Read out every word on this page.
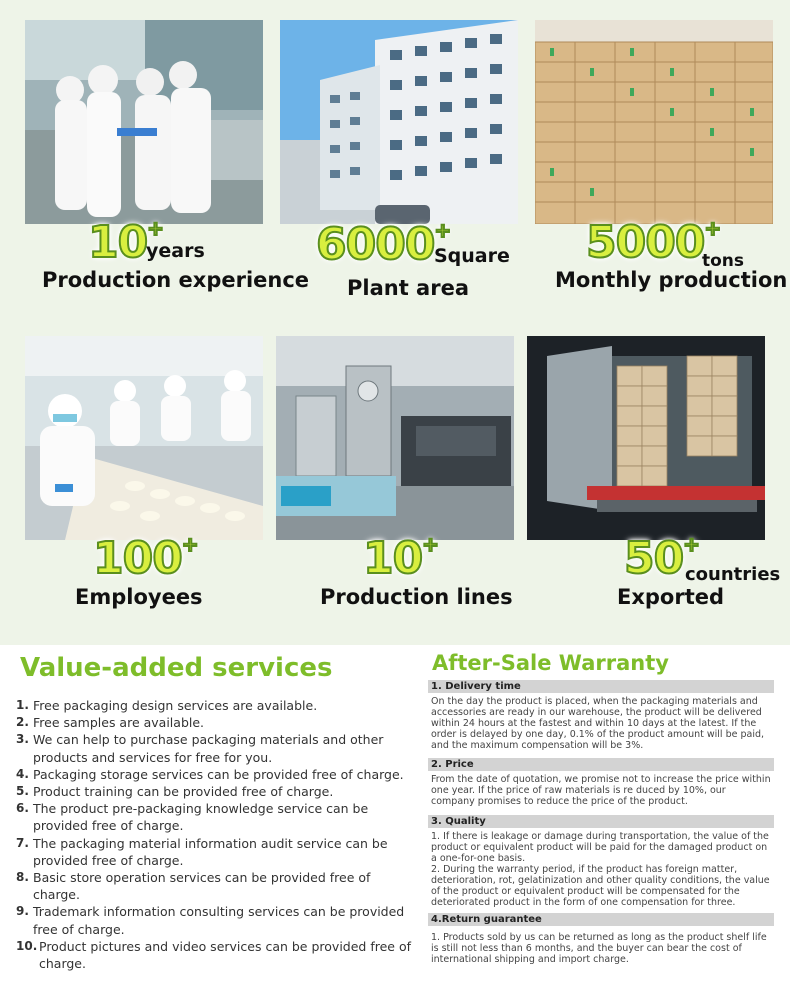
10+
years
Production experience
6000+
Square
Plant area
5000+
tons
Monthly production
100+
Employees
10+
Production lines
50+
countries
Exported
Value-added services
1. Free packaging design services are available.
2. Free samples are available.
3. We can help to purchase packaging materials and other products and services for free for you.
4. Packaging storage services can be provided free of charge.
5. Product training can be provided free of charge.
6. The product pre-packaging knowledge service can be provided free of charge.
7. The packaging material information audit service can be provided free of charge.
8. Basic store operation services can be provided free of charge.
9. Trademark information consulting services can be provided free of charge.
10. Product pictures and video services can be provided free of charge.
After-Sale Warranty
1. Delivery time
On the day the product is placed, when the packaging materials and accessories are ready in our warehouse, the product will be delivered within 24 hours at the fastest and within 10 days at the latest. If the order is delayed by one day, 0.1% of the product amount will be paid, and the maximum compensation will be 3%.
2. Price
From the date of quotation, we promise not to increase the price within one year. If the price of raw materials is re duced by 10%, our company promises to reduce the price of the product.
3. Quality
1. If there is leakage or damage during transportation, the value of the product or equivalent product will be paid for the damaged product on a one-for-one basis.
2. During the warranty period, if the product has foreign matter, deterioration, rot, gelatinization and other quality conditions, the value of the product or equivalent product will be compensated for the deteriorated product in the form of one compensation for three.
4.Return guarantee
1. Products sold by us can be returned as long as the product shelf life is still not less than 6 months, and the buyer can bear the cost of international shipping and import charge.
